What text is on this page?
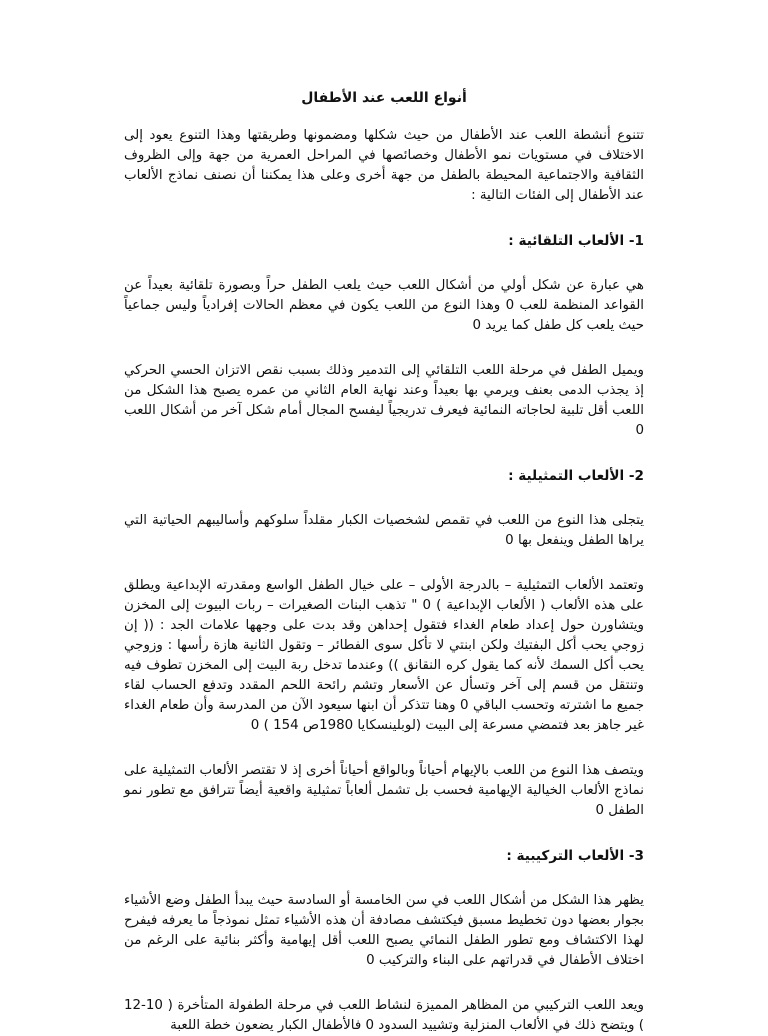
أنواع اللعب عند الأطفال

تتنوع أنشطة اللعب عند الأطفال من حيث شكلها ومضمونها وطريقتها وهذا التنوع يعود إلى الاختلاف في مستويات نمو الأطفال وخصائصها في المراحل العمرية من جهة وإلى الظروف الثقافية والاجتماعية المحيطة بالطفل من جهة أخرى وعلى هذا يمكننا أن نصنف نماذج الألعاب عند الأطفال إلى الفئات التالية :

1- الألعاب التلقائية :

هي عبارة عن شكل أولي من أشكال اللعب حيث يلعب الطفل حراً وبصورة تلقائية بعيداً عن القواعد المنظمة للعب 0 وهذا النوع من اللعب يكون في معظم الحالات إفرادياً وليس جماعياً حيث يلعب كل طفل كما يريد 0

ويميل الطفل في مرحلة اللعب التلقائي إلى التدمير وذلك بسبب نقص الاتزان الحسي الحركي إذ يجذب الدمى بعنف ويرمي بها بعيداً وعند نهاية العام الثاني من عمره يصبح هذا الشكل من اللعب أقل تلبية لحاجاته النمائية فيعرف تدريجياً ليفسح المجال أمام شكل آخر من أشكال اللعب 0

2- الألعاب التمثيلية :

يتجلى هذا النوع من اللعب في تقمص لشخصيات الكبار مقلداً سلوكهم وأساليبهم الحياتية التي يراها الطفل وينفعل بها 0

وتعتمد الألعاب التمثيلية – بالدرجة الأولى – على خيال الطفل الواسع ومقدرته الإبداعية ويطلق على هذه الألعاب ( الألعاب الإبداعية ) 0 " تذهب البنات الصغيرات – ربات البيوت إلى المخزن ويتشاورن حول إعداد طعام الغداء فتقول إحداهن وقد بدت على وجهها علامات الجد : (( إن زوجي يحب أكل البفتيك ولكن ابنتي لا تأكل سوى الفطائر – وتقول الثانية هازة رأسها : وزوجي يحب أكل السمك لأنه كما يقول كره النقانق )) وعندما تدخل ربة البيت إلى المخزن تطوف فيه وتنتقل من قسم إلى آخر وتسأل عن الأسعار وتشم رائحة اللحم المقدد وتدفع الحساب لقاء جميع ما اشترته وتحسب الباقي 0 وهنا تتذكر أن ابنها سيعود الآن من المدرسة وأن طعام الغداء غير جاهز بعد فتمضي مسرعة إلى البيت (لوبلينسكايا 1980ص 154 ) 0

ويتصف هذا النوع من اللعب بالإيهام أحياناً وبالواقع أحياناً أخرى إذ لا تقتصر الألعاب التمثيلية على نماذج الألعاب الخيالية الإيهامية فحسب بل تشمل ألعاباً تمثيلية واقعية أيضاً تترافق مع تطور نمو الطفل 0

3- الألعاب التركيبية :

يظهر هذا الشكل من أشكال اللعب في سن الخامسة أو السادسة حيث يبدأ الطفل وضع الأشياء بجوار بعضها دون تخطيط مسبق فيكتشف مصادفة أن هذه الأشياء تمثل نموذجاً ما يعرفه فيفرح لهذا الاكتشاف ومع تطور الطفل النمائي يصبح اللعب أقل إيهامية وأكثر بنائية على الرغم من اختلاف الأطفال في قدراتهم على البناء والتركيب 0

ويعد اللعب التركيبي من المظاهر المميزة لنشاط اللعب في مرحلة الطفولة المتأخرة ( 10-12 ) ويتضح ذلك في الألعاب المنزلية وتشييد السدود 0 فالأطفال الكبار يضعون خطة اللعبة
